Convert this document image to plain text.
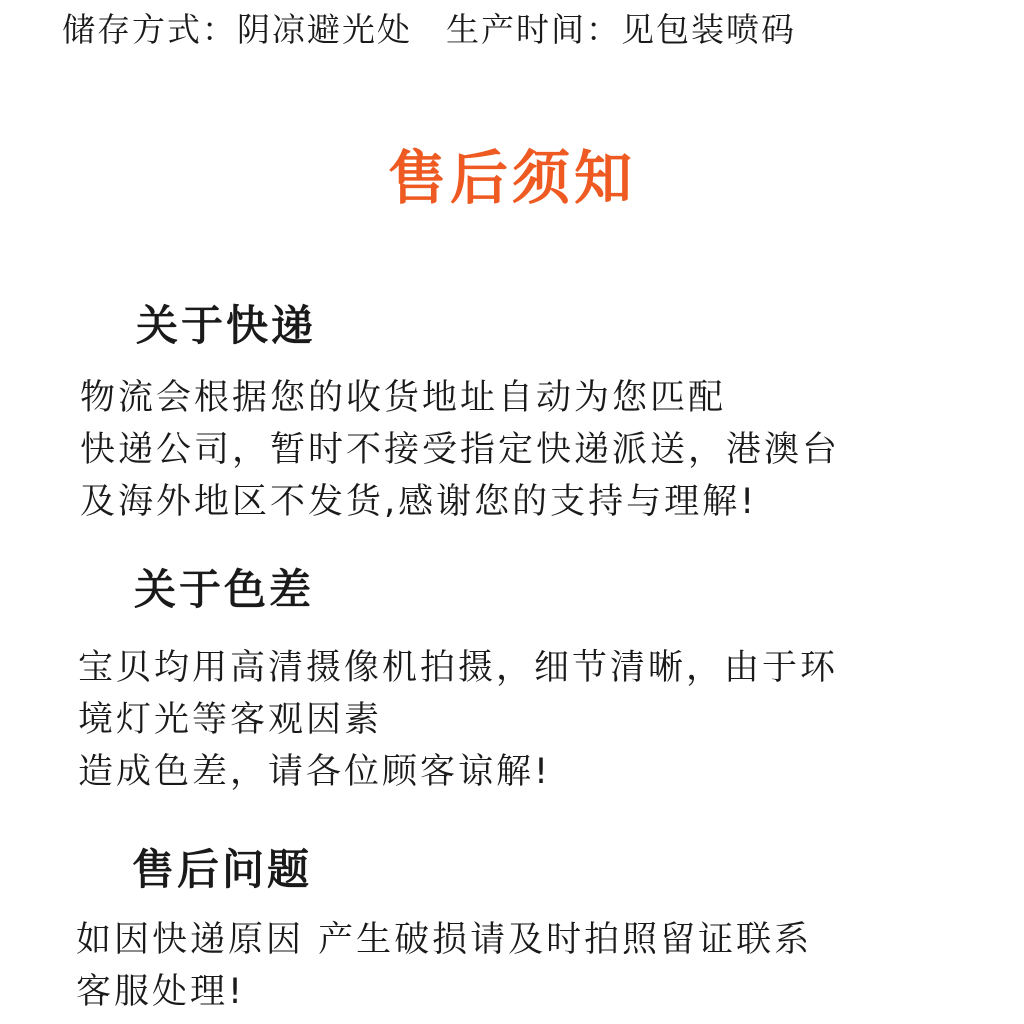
储存方式：阴凉避光处 生产时间：见包装喷码
售后须知
关于快递
物流会根据您的收货地址自动为您匹配
快递公司，暂时不接受指定快递派送，港澳台
及海外地区不发货,感谢您的支持与理解!
关于色差
宝贝均用高清摄像机拍摄，细节清晰，由于环
境灯光等客观因素
造成色差，请各位顾客谅解!
售后问题
如因快递原因 产生破损请及时拍照留证联系
客服处理!
